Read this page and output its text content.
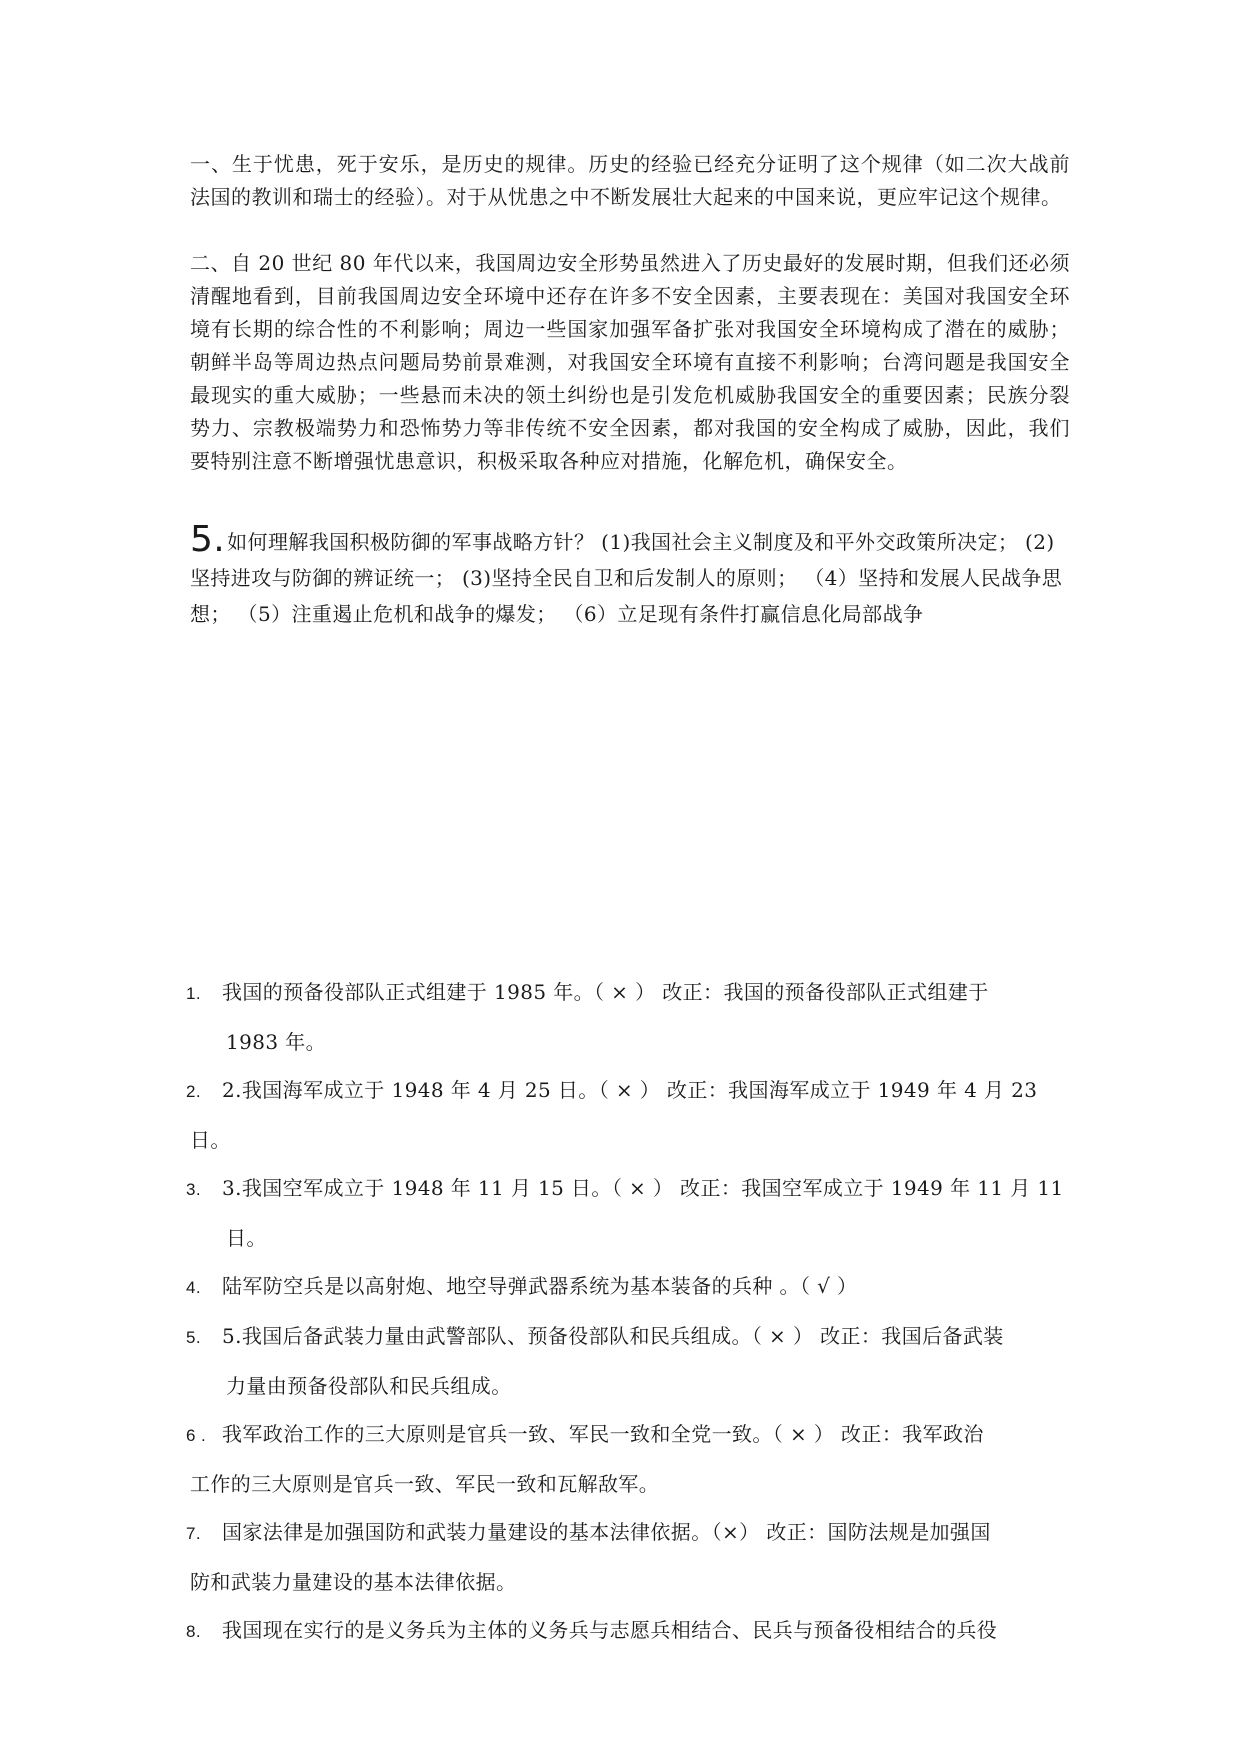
一、生于忧患，死于安乐，是历史的规律。历史的经验已经充分证明了这个规律（如二次大战前法国的教训和瑞士的经验）。对于从忧患之中不断发展壮大起来的中国来说，更应牢记这个规律。

二、自 20 世纪 80 年代以来，我国周边安全形势虽然进入了历史最好的发展时期，但我们还必须清醒地看到，目前我国周边安全环境中还存在许多不安全因素，主要表现在：美国对我国安全环境有长期的综合性的不利影响；周边一些国家加强军备扩张对我国安全环境构成了潜在的威胁；朝鲜半岛等周边热点问题局势前景难测，对我国安全环境有直接不利影响；台湾问题是我国安全最现实的重大威胁；一些悬而未决的领土纠纷也是引发危机威胁我国安全的重要因素；民族分裂势力、宗教极端势力和恐怖势力等非传统不安全因素，都对我国的安全构成了威胁，因此，我们要特别注意不断增强忧患意识，积极采取各种应对措施，化解危机，确保安全。

5. 如何理解我国积极防御的军事战略方针？ (1)我国社会主义制度及和平外交政策所决定； (2)坚持进攻与防御的辨证统一； (3)坚持全民自卫和后发制人的原则； （4）坚持和发展人民战争思想； （5）注重遏止危机和战争的爆发； （6）立足现有条件打赢信息化局部战争

1. 我国的预备役部队正式组建于 1985 年。（ × ） 改正：我国的预备役部队正式组建于
1983 年。

2. 2.我国海军成立于 1948 年 4 月 25 日。（ × ） 改正：我国海军成立于 1949 年 4 月 23 日。

3. 3.我国空军成立于 1948 年 11 月 15 日。（ × ） 改正：我国空军成立于 1949 年 11 月 11
日。

4. 陆军防空兵是以高射炮、地空导弹武器系统为基本装备的兵种 。（ √ ）

5. 5.我国后备武装力量由武警部队、预备役部队和民兵组成。（ × ） 改正：我国后备武装
力量由预备役部队和民兵组成。

6 . 我军政治工作的三大原则是官兵一致、军民一致和全党一致。（ × ） 改正：我军政治
工作的三大原则是官兵一致、军民一致和瓦解敌军。

7. 国家法律是加强国防和武装力量建设的基本法律依据。（×） 改正：国防法规是加强国
防和武装力量建设的基本法律依据。

8. 我国现在实行的是义务兵为主体的义务兵与志愿兵相结合、民兵与预备役相结合的兵役
